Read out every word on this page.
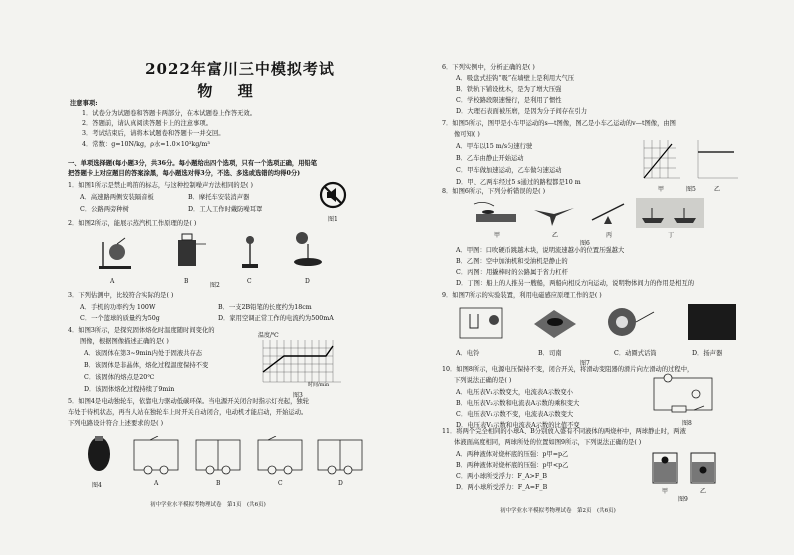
2022年富川三中模拟考试
物 理
注意事项:
1．试卷分为试题卷和答题卡两部分，在本试题卷上作答无效。
2．答题前，请认真阅读答题卡上的注意事项。
3．考试结束后，请将本试题卷和答题卡一并交回。
4．常数：g=10N/kg，ρ水=1.0×10³kg/m³
一、单项选择题(每小题3分，共36分。每小题给出四个选项，只有一个选项正确，用铅笔
把答题卡上对应题目的答案涂黑，每小题选对得3分，不选、多选或选错的均得0分)
1．如图1所示是禁止鸣笛的标志，与这种控制噪声方法相同的是( )
A．高速路两侧安装隔音板	B．摩托车安装消声器
C．公路两旁种树	D．工人工作时戴防噪耳罩
图1
2．如图2所示，能展示蒸汽机工作原理的是( )
A	B	C	D
图2
3．下列估测中，比较符合实际的是( )
A．手机的功率约为 100W	B．一支2B铅笔的长度约为18cm
C．一个篮球的质量约为50g	D．家用空调正常工作的电流约为500mA
4．如图3所示，是探究固体熔化时温度随时间变化的
图像，根据图像描述正确的是( )
A．该固体在第3~9min内处于固液共存态
B．该固体是非晶体，熔化过程温度保持不变
C．该固体的熔点是20℃
D．该固体熔化过程持续了9min
温度/℃
时间/min
图3
5．如图4是电动独轮车，依靠电力驱动低碳环保。当电源开关闭合时指示灯亮起，独轮
车处于待机状态，再当人站在独轮车上时开关自动闭合，电动机才能启动，开始运动。
下列电路设计符合上述要求的是( )
图4	A	B	C	D
初中学业水平模拟考物理试卷　第1页　(共6页)
6．下列实例中，分析正确的是( )
A．吸盘式挂钩“吸”在墙壁上是利用大气压
B．铁轨下铺设枕木，是为了增大压强
C．学校路段限速慢行，是利用了惯性
D．大理石表面被压磨，是因为分子间存在引力
7．如图5所示，图甲是小车甲运动的s—t图像，图乙是小车乙运动的v—t图像，由图
像可知( )
A．甲车以15 m/s匀速行驶
B．乙车由静止开始运动
C．甲车做加速运动，乙车做匀速运动
D．甲、乙两车经过5 s通过的路程都是10 m
甲	乙
图5
8．如图6所示，下列分析错误的是( )
甲	乙	丙	丁
图6
A．甲图：口吹硬币跳越木块，说明流速越小的位置压强越大
B．乙图：空中加油机和受油机是静止的
C．丙图：用撬棒时的公路属于省力杠杆
D．丁图：船上的人推另一艘船，两船向相反方向运动，说明物体间力的作用是相互的
9．如图7所示的实验装置，利用电磁感应原理工作的是( )
A．电铃	B．司南	C．动圈式话筒	D．扬声器
图7
10．如图8所示，电源电压保持不变，闭合开关，将滑动变阻器的滑片向左滑动的过程中，
下列说法正确的是( )
A．电压表V₁示数变大，电流表A示数变小
B．电压表V₂示数和电流表A示数的乘积变大
C．电压表V₁示数不变，电流表A示数变大
D．电压表V₁示数和电流表A示数的比值不变	图8
11．将两个完全相同的小球A、B分别放入盛有不同液体的两烧杯中，两球静止时，两液
体液面高度相同，两球所处的位置如图9所示，下列说法正确的是( )
A．两种液体对烧杯底的压强：p甲=p乙
B．两种液体对烧杯底的压强：p甲<p乙
C．两小球所受浮力：F_A>F_B
D．两小球所受浮力：F_A=F_B
甲	乙
图9
初中学业水平模拟考物理试卷　第2页　(共6页)
